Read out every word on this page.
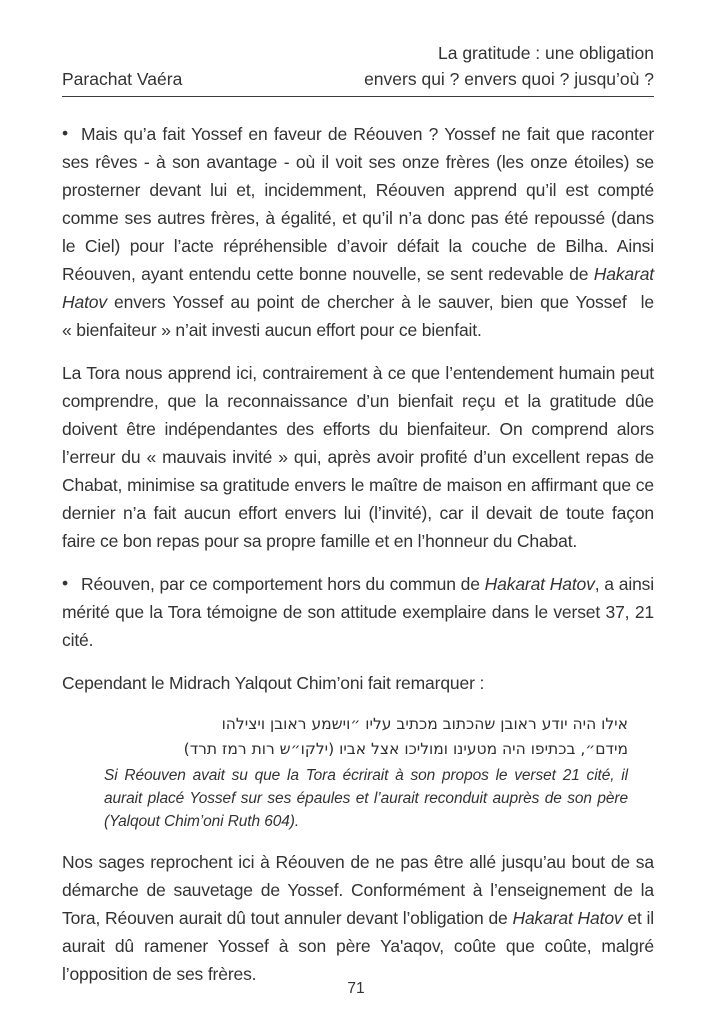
La gratitude : une obligation
Parachat Vaéra	envers qui ? envers quoi ? jusqu’où ?

• Mais qu’a fait Yossef en faveur de Réouven ? Yossef ne fait que raconter ses rêves - à son avantage - où il voit ses onze frères (les onze étoiles) se prosterner devant lui et, incidemment, Réouven apprend qu’il est compté comme ses autres frères, à égalité, et qu’il n’a donc pas été repoussé (dans le Ciel) pour l’acte répréhensible d’avoir défait la couche de Bilha. Ainsi Réouven, ayant entendu cette bonne nouvelle, se sent redevable de Hakarat Hatov envers Yossef au point de chercher à le sauver, bien que Yossef  le « bienfaiteur » n’ait investi aucun effort pour ce bienfait.

La Tora nous apprend ici, contrairement à ce que l’entendement humain peut comprendre, que la reconnaissance d’un bienfait reçu et la gratitude dûe doivent être indépendantes des efforts du bienfaiteur. On comprend alors l’erreur du « mauvais invité » qui, après avoir profité d’un excellent repas de Chabat, minimise sa gratitude envers le maître de maison en affirmant que ce dernier n’a fait aucun effort envers lui (l’invité), car il devait de toute façon faire ce bon repas pour sa propre famille et en l’honneur du Chabat.

• Réouven, par ce comportement hors du commun de Hakarat Hatov, a ainsi mérité que la Tora témoigne de son attitude exemplaire dans le verset 37, 21 cité.

Cependant le Midrach Yalqout Chim’oni fait remarquer :

אילו היה יודע ראובן שהכתוב מכתיב עליו ״וישמע ראובן ויצילהו
מידם״, בכתיפו היה מטעינו ומוליכו אצל אביו (ילקו״ש רות רמז תרד)
Si Réouven avait su que la Tora écrirait à son propos le verset 21 cité, il aurait placé Yossef sur ses épaules et l’aurait reconduit auprès de son père (Yalqout Chim’oni Ruth 604).

Nos sages reprochent ici à Réouven de ne pas être allé jusqu’au bout de sa démarche de sauvetage de Yossef. Conformément à l’enseignement de la Tora, Réouven aurait dû tout annuler devant l’obligation de Hakarat Hatov et il aurait dû ramener Yossef à son père Ya'aqov, coûte que coûte, malgré l’opposition de ses frères.

71
